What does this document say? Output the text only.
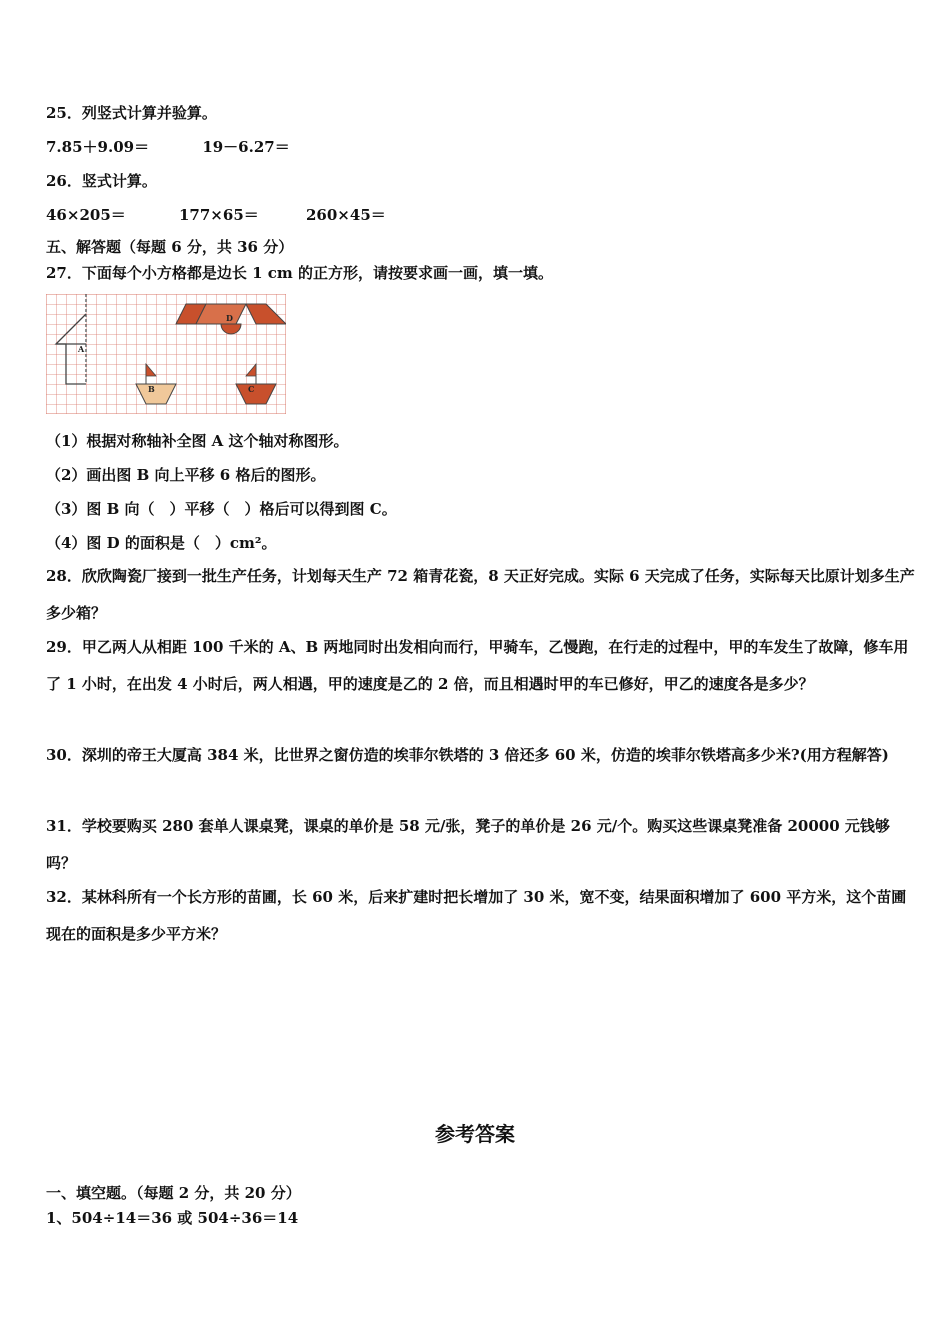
25．列竖式计算并验算。
7.85＋9.09＝	19－6.27＝
26．竖式计算。
46×205＝	177×65＝	260×45＝
五、解答题（每题 6 分，共 36 分）
27．下面每个小方格都是边长 1 cm 的正方形，请按要求画一画，填一填。
A
D
B	C
（1）根据对称轴补全图 A 这个轴对称图形。
（2）画出图 B 向上平移 6 格后的图形。
（3）图 B 向（　）平移（　）格后可以得到图 C。
（4）图 D 的面积是（　）cm²。
28．欣欣陶瓷厂接到一批生产任务，计划每天生产 72 箱青花瓷，8 天正好完成。实际 6 天完成了任务，实际每天比原计划多生产多少箱？
29．甲乙两人从相距 100 千米的 A、B 两地同时出发相向而行，甲骑车，乙慢跑，在行走的过程中，甲的车发生了故障，修车用了 1 小时，在出发 4 小时后，两人相遇，甲的速度是乙的 2 倍，而且相遇时甲的车已修好，甲乙的速度各是多少？
30．深圳的帝王大厦高 384 米，比世界之窗仿造的埃菲尔铁塔的 3 倍还多 60 米，仿造的埃菲尔铁塔高多少米?(用方程解答)
31．学校要购买 280 套单人课桌凳，课桌的单价是 58 元/张，凳子的单价是 26 元/个。购买这些课桌凳准备 20000 元钱够吗？
32．某林科所有一个长方形的苗圃，长 60 米，后来扩建时把长增加了 30 米，宽不变，结果面积增加了 600 平方米，这个苗圃现在的面积是多少平方米？
参考答案
一、填空题。（每题 2 分，共 20 分）
1、504÷14＝36 或 504÷36＝14
